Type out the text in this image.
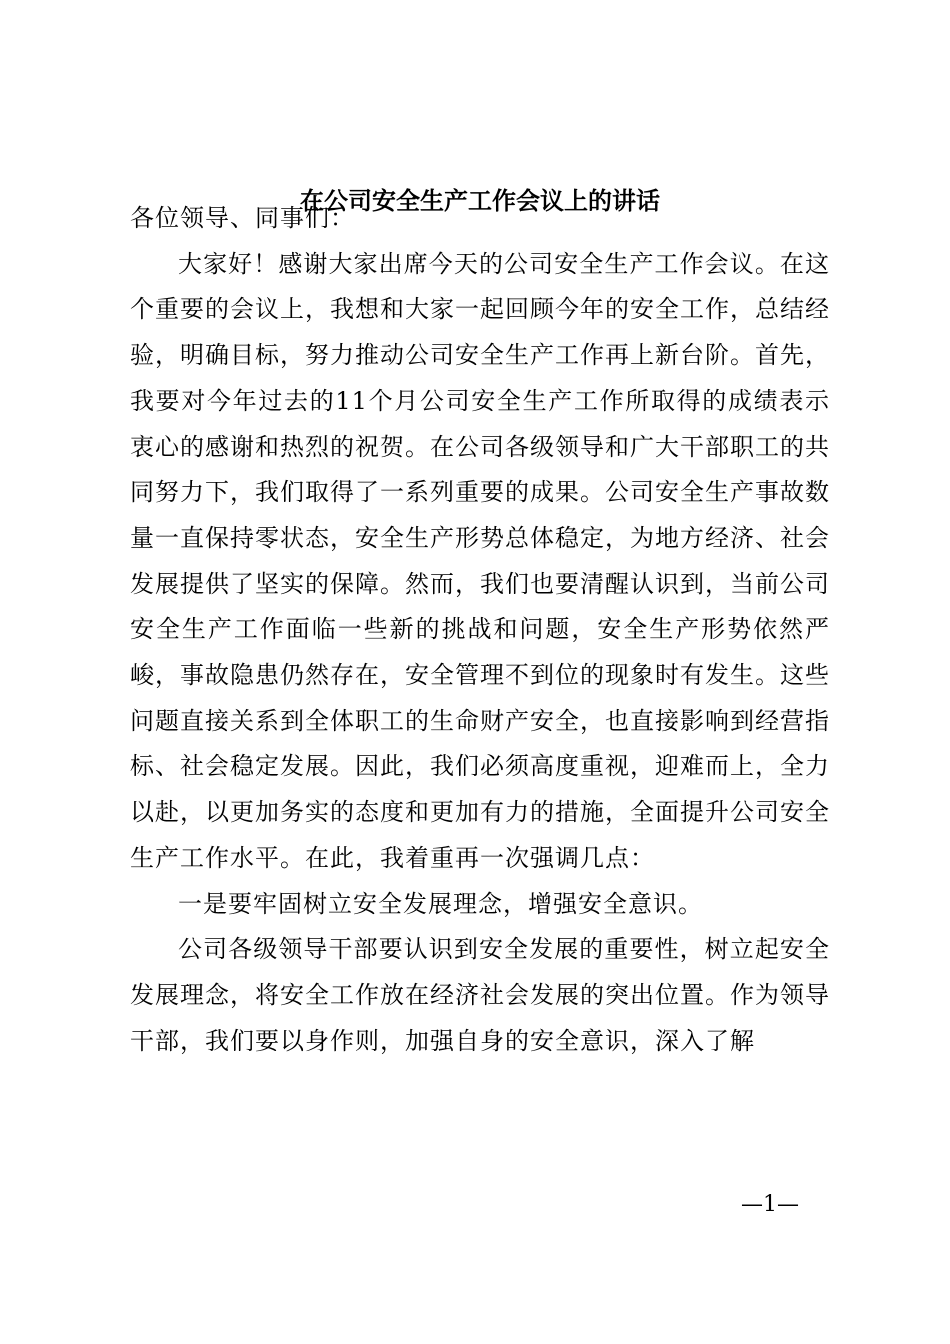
在公司安全生产工作会议上的讲话

各位领导、同事们：

大家好！感谢大家出席今天的公司安全生产工作会议。在这个重要的会议上，我想和大家一起回顾今年的安全工作，总结经验，明确目标，努力推动公司安全生产工作再上新台阶。首先，我要对今年过去的11个月公司安全生产工作所取得的成绩表示衷心的感谢和热烈的祝贺。在公司各级领导和广大干部职工的共同努力下，我们取得了一系列重要的成果。公司安全生产事故数量一直保持零状态，安全生产形势总体稳定，为地方经济、社会发展提供了坚实的保障。然而，我们也要清醒认识到，当前公司安全生产工作面临一些新的挑战和问题，安全生产形势依然严峻，事故隐患仍然存在，安全管理不到位的现象时有发生。这些问题直接关系到全体职工的生命财产安全，也直接影响到经营指标、社会稳定发展。因此，我们必须高度重视，迎难而上，全力以赴，以更加务实的态度和更加有力的措施，全面提升公司安全生产工作水平。在此，我着重再一次强调几点：

一是要牢固树立安全发展理念，增强安全意识。

公司各级领导干部要认识到安全发展的重要性，树立起安全发展理念，将安全工作放在经济社会发展的突出位置。作为领导干部，我们要以身作则，加强自身的安全意识，深入了解

—1—
